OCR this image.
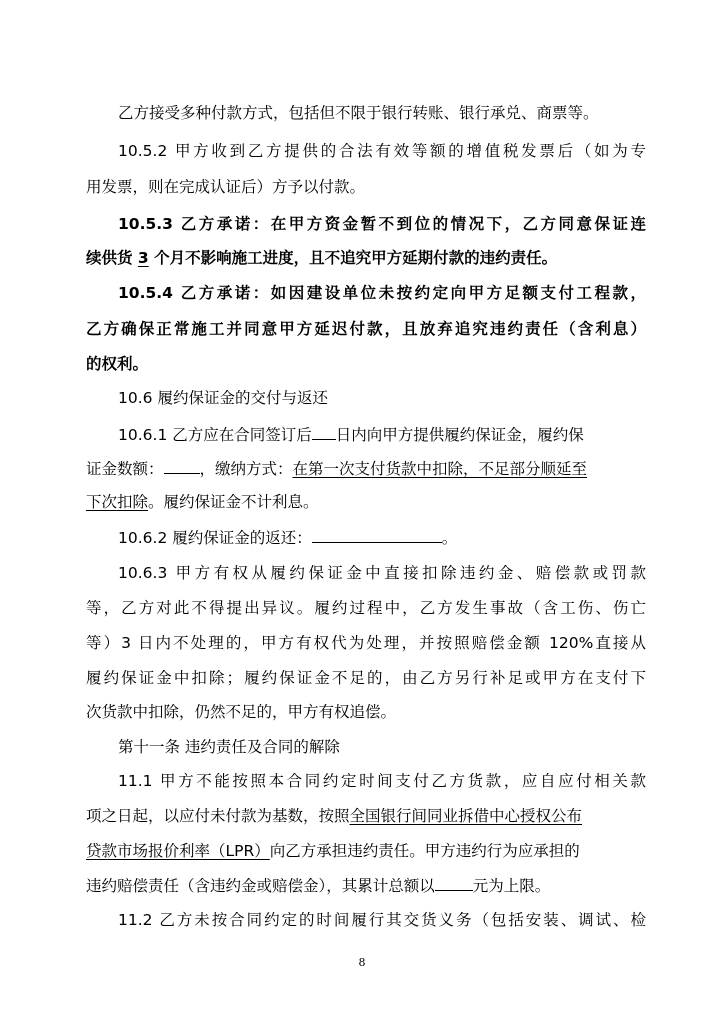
乙方接受多种付款方式，包括但不限于银行转账、银行承兑、商票等。
10.5.2 甲方收到乙方提供的合法有效等额的增值税发票后（如为专
用发票，则在完成认证后）方予以付款。
10.5.3 乙方承诺：在甲方资金暂不到位的情况下，乙方同意保证连
续供货 3 个月不影响施工进度，且不追究甲方延期付款的违约责任。
10.5.4 乙方承诺：如因建设单位未按约定向甲方足额支付工程款，
乙方确保正常施工并同意甲方延迟付款，且放弃追究违约责任（含利息）
的权利。
10.6 履约保证金的交付与返还
10.6.1 乙方应在合同签订后 日内向甲方提供履约保证金，履约保
证金数额： ，缴纳方式：在第一次支付货款中扣除，不足部分顺延至
下次扣除。履约保证金不计利息。
10.6.2 履约保证金的返还：	。
10.6.3 甲方有权从履约保证金中直接扣除违约金、赔偿款或罚款
等，乙方对此不得提出异议。履约过程中，乙方发生事故（含工伤、伤亡
等）3 日内不处理的，甲方有权代为处理，并按照赔偿金额 120%直接从
履约保证金中扣除；履约保证金不足的，由乙方另行补足或甲方在支付下
次货款中扣除，仍然不足的，甲方有权追偿。
第十一条 违约责任及合同的解除
11.1 甲方不能按照本合同约定时间支付乙方货款，应自应付相关款
项之日起，以应付未付款为基数，按照全国银行间同业拆借中心授权公布
贷款市场报价利率（LPR）向乙方承担违约责任。甲方违约行为应承担的
违约赔偿责任（含违约金或赔偿金），其累计总额以 元为上限。
11.2 乙方未按合同约定的时间履行其交货义务（包括安装、调试、检
8
